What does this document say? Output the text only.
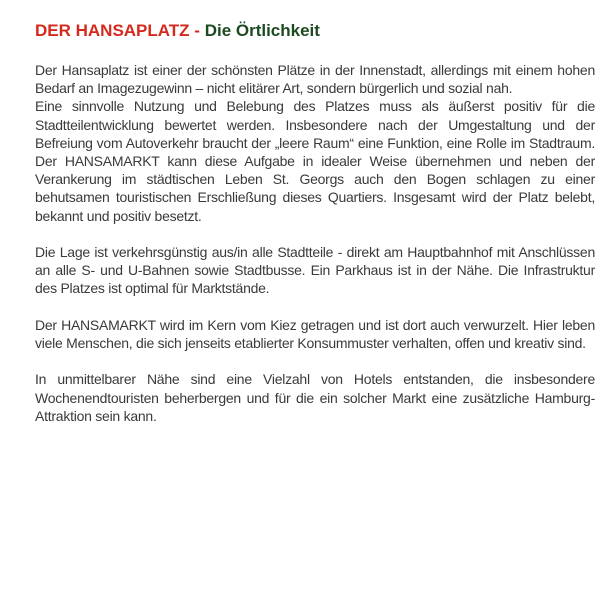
DER HANSAPLATZ - Die Örtlichkeit

Der Hansaplatz ist einer der schönsten Plätze in der Innenstadt, allerdings mit einem hohen Bedarf an Imagezugewinn – nicht elitärer Art, sondern bürgerlich und sozial nah.

Eine sinnvolle Nutzung und Belebung des Platzes muss als äußerst positiv für die Stadtteilentwicklung bewertet werden. Insbesondere nach der Umgestaltung und der Befreiung vom Autoverkehr braucht der „leere Raum“ eine Funktion, eine Rolle im Stadtraum. Der HANSAMARKT kann diese Aufgabe in idealer Weise übernehmen und neben der Verankerung im städtischen Leben St. Georgs auch den Bogen schlagen zu einer behutsamen touristischen Erschließung dieses Quartiers. Insgesamt wird der Platz belebt, bekannt und positiv besetzt.

Die Lage ist verkehrsgünstig aus/in alle Stadtteile - direkt am Hauptbahnhof mit Anschlüssen an alle S- und U-Bahnen sowie Stadtbusse. Ein Parkhaus ist in der Nähe. Die Infrastruktur des Platzes ist optimal für Marktstände.

Der HANSAMARKT wird im Kern vom Kiez getragen und ist dort auch verwurzelt. Hier leben viele Menschen, die sich jenseits etablierter Konsummuster verhalten, offen und kreativ sind.

In unmittelbarer Nähe sind eine Vielzahl von Hotels entstanden, die insbesondere Wochenendtouristen beherbergen und für die ein solcher Markt eine zusätzliche Hamburg-Attraktion sein kann.
